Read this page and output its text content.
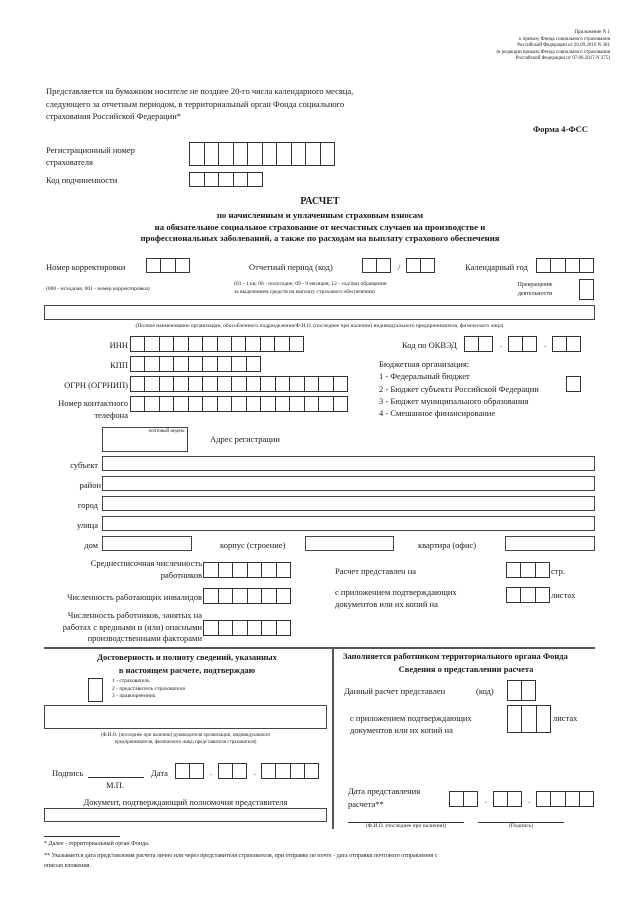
Приложение N 1
к приказу Фонда социального страхования
Российской Федерации от 26.09.2016 N 381
(в редакции приказа Фонда социального страхования
Российской Федерации от 07.06.2017 N 275)
Представляется на бумажном носителе не позднее 20-го числа календарного месяца,
следующего за отчетным периодом, в территориальный орган Фонда социального
страхования Российской Федерации*
Форма 4-ФСС
Регистрационный номер
страхователя
Код подчиненности
РАСЧЕТ
по начисленным и уплаченным страховым взносам
на обязательное социальное страхование от несчастных случаев на производстве и
профессиональных заболеваний, а также по расходам на выплату страхового обеспечения
Номер корректировки
(000 - исходная, 001 - номер корректировки)
Отчетный период (код)	/
(03 - 1 кв; 06 - полугодие; 09 - 9 месяцев; 12 - год/при обращении
за выделением средств на выплату страхового обеспечения)
Календарный год
Прекращение
деятельности
(Полное наименование организации, обособленного подразделения/Ф.И.О. (последнее при наличии) индивидуального предпринимателя, физического лица)
ИНН
КПП
ОГРН (ОГРНИП)
Номер контактного
телефона
Код по ОКВЭД	.	.
Бюджетная организация:
1 - Федеральный бюджет
2 - Бюджет субъекта Российской Федерации
3 - Бюджет муниципального образования
4 - Смешанное финансирование
почтовый индекс
Адрес регистрации
субъект
район
город
улица
дом	корпус (строение)	квартира (офис)
Среднесписочная численность
работников
Численность работающих инвалидов
Численность работников, занятых на
работах с вредными и (или) опасными
производственными факторами
Расчет представлен на	стр.
с приложением подтверждающих
документов или их копий на
листах
Достоверность и полноту сведений, указанных
в настоящем расчете, подтверждаю
1 - страхователь
2 - представитель страхователя
3 - правопреемник
(Ф.И.О. (последнее при наличии) руководителя организации, индивидуального
предпринимателя, физического лица, представителя страхователя)
Подпись
М.П.
Дата	.	.
Документ, подтверждающий полномочия представителя
Заполняется работником территориального органа Фонда
Сведения о представлении расчета
Данный расчет представлен	(код)
с приложением подтверждающих
документов или их копий на
листах
Дата представления
расчета**	.	.
(Ф.И.О. (последнее при наличии))	(Подпись)
* Далее - территориальный орган Фонда.
** Указывается дата представления расчета лично или через представителя страхователя, при отправке по почте - дата отправки почтового отправления с
описью вложения.
